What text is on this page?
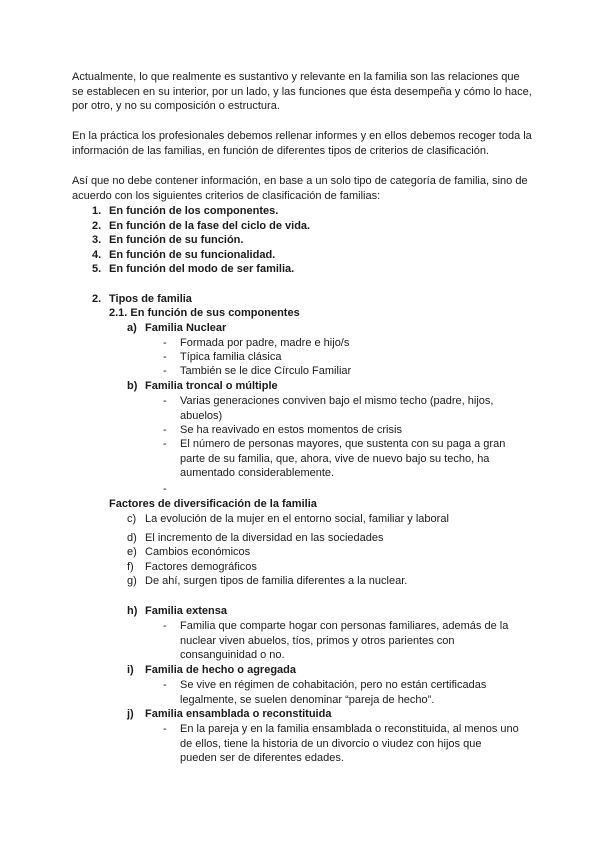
Actualmente, lo que realmente es sustantivo y relevante en la familia son las relaciones que se establecen en su interior, por un lado, y las funciones que ésta desempeña y cómo lo hace, por otro, y no su composición o estructura.

En la práctica los profesionales debemos rellenar informes y en ellos debemos recoger toda la información de las familias, en función de diferentes tipos de criterios de clasificación.

Así que no debe contener información, en base a un solo tipo de categoría de familia, sino de acuerdo con los siguientes criterios de clasificación de familias:

1. En función de los componentes.
2. En función de la fase del ciclo de vida.
3. En función de su función.
4. En función de su funcionalidad.
5. En función del modo de ser familia.
2. Tipos de familia
2.1. En función de sus componentes
a) Familia Nuclear
- Formada por padre, madre e hijo/s
- Típica familia clásica
- También se le dice Círculo Familiar
b) Familia troncal o múltiple
- Varias generaciones conviven bajo el mismo techo (padre, hijos, abuelos)
- Se ha reavivado en estos momentos de crisis
- El número de personas mayores, que sustenta con su paga a gran parte de su familia, que, ahora, vive de nuevo bajo su techo, ha aumentado considerablemente.
-
Factores de diversificación de la familia
c) La evolución de la mujer en el entorno social, familiar y laboral
d) El incremento de la diversidad en las sociedades
e) Cambios económicos
f) Factores demográficos
g) De ahí, surgen tipos de familia diferentes a la nuclear.
h) Familia extensa
- Familia que comparte hogar con personas familiares, además de la nuclear viven abuelos, tíos, primos y otros parientes con consanguinidad o no.
i) Familia de hecho o agregada
- Se vive en régimen de cohabitación, pero no están certificadas legalmente, se suelen denominar “pareja de hecho”.
j) Familia ensamblada o reconstituida
- En la pareja y en la familia ensamblada o reconstituida, al menos uno de ellos, tiene la historia de un divorcio o viudez con hijos que pueden ser de diferentes edades.
